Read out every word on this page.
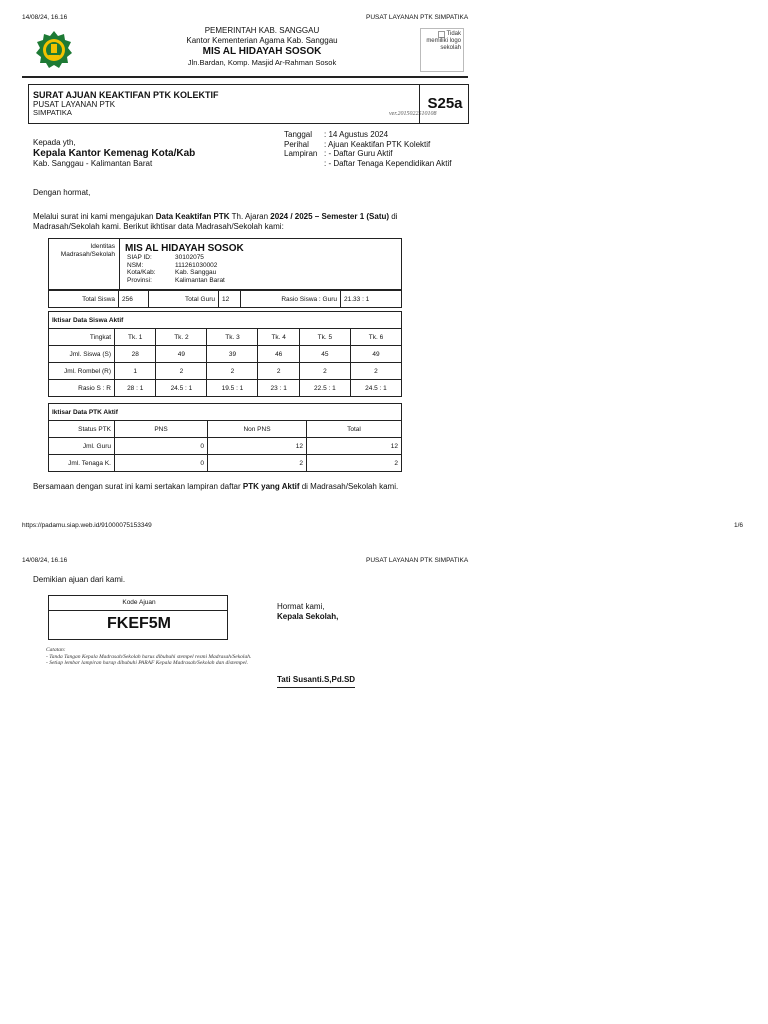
14/08/24, 16.16	PUSAT LAYANAN PTK SIMPATIKA
PEMERINTAH KAB. SANGGAU
Kantor Kementerian Agama Kab. Sanggau
MIS AL HIDAYAH SOSOK
Jln.Bardan, Komp. Masjid Ar-Rahman Sosok
Tidak memiliki logo sekolah
SURAT AJUAN KEAKTIFAN PTK KOLEKTIF
PUSAT LAYANAN PTK
SIMPATIKA	ver.2015022510108
S25a
Tanggal	: 14 Agustus 2024
Perihal	: Ajuan Keaktifan PTK Kolektif
Lampiran	: - Daftar Guru Aktif
	: - Daftar Tenaga Kependidikan Aktif
Kepada yth,
Kepala Kantor Kemenag Kota/Kab
Kab. Sanggau - Kalimantan Barat
Dengan hormat,
Melalui surat ini kami mengajukan Data Keaktifan PTK Th. Ajaran 2024 / 2025 – Semester 1 (Satu) di Madrasah/Sekolah kami. Berikut ikhtisar data Madrasah/Sekolah kami:
Identitas Madrasah/Sekolah
MIS AL HIDAYAH SOSOK
SIAP ID:	30102075
NSM:	111261030002
Kota/Kab:	Kab. Sanggau
Provinsi:	Kalimantan Barat
Total Siswa	256	Total Guru	12	Rasio Siswa : Guru	21.33 : 1
Iktisar Data Siswa Aktif						
Tingkat	Tk. 1	Tk. 2	Tk. 3	Tk. 4	Tk. 5	Tk. 6
Jml. Siswa (S)	28	49	39	46	45	49
Jml. Rombel (R)	1	2	2	2	2	2
Rasio S : R	28 : 1	24.5 : 1	19.5 : 1	23 : 1	22.5 : 1	24.5 : 1
Iktisar Data PTK Aktif			
Status PTK	PNS	Non PNS	Total
Jml. Guru	0	12	12
Jml. Tenaga K.	0	2	2
Bersamaan dengan surat ini kami sertakan lampiran daftar PTK yang Aktif di Madrasah/Sekolah kami.
https://padamu.siap.web.id/910000751533​49	1/6
14/08/24, 16.16	PUSAT LAYANAN PTK SIMPATIKA
Demikian ajuan dari kami.
Kode Ajuan
FKEF5M
Catatan:
- Tanda Tangan Kepala Madrasah/Sekolah harus dibubuhi stempel resmi Madrasah/Sekolah.
- Setiap lembar lampiran harap dibubuhi PARAF Kepala Madrasah/Sekolah dan distempel.
Hormat kami,
Kepala Sekolah,
Tati Susanti.S,Pd.SD
